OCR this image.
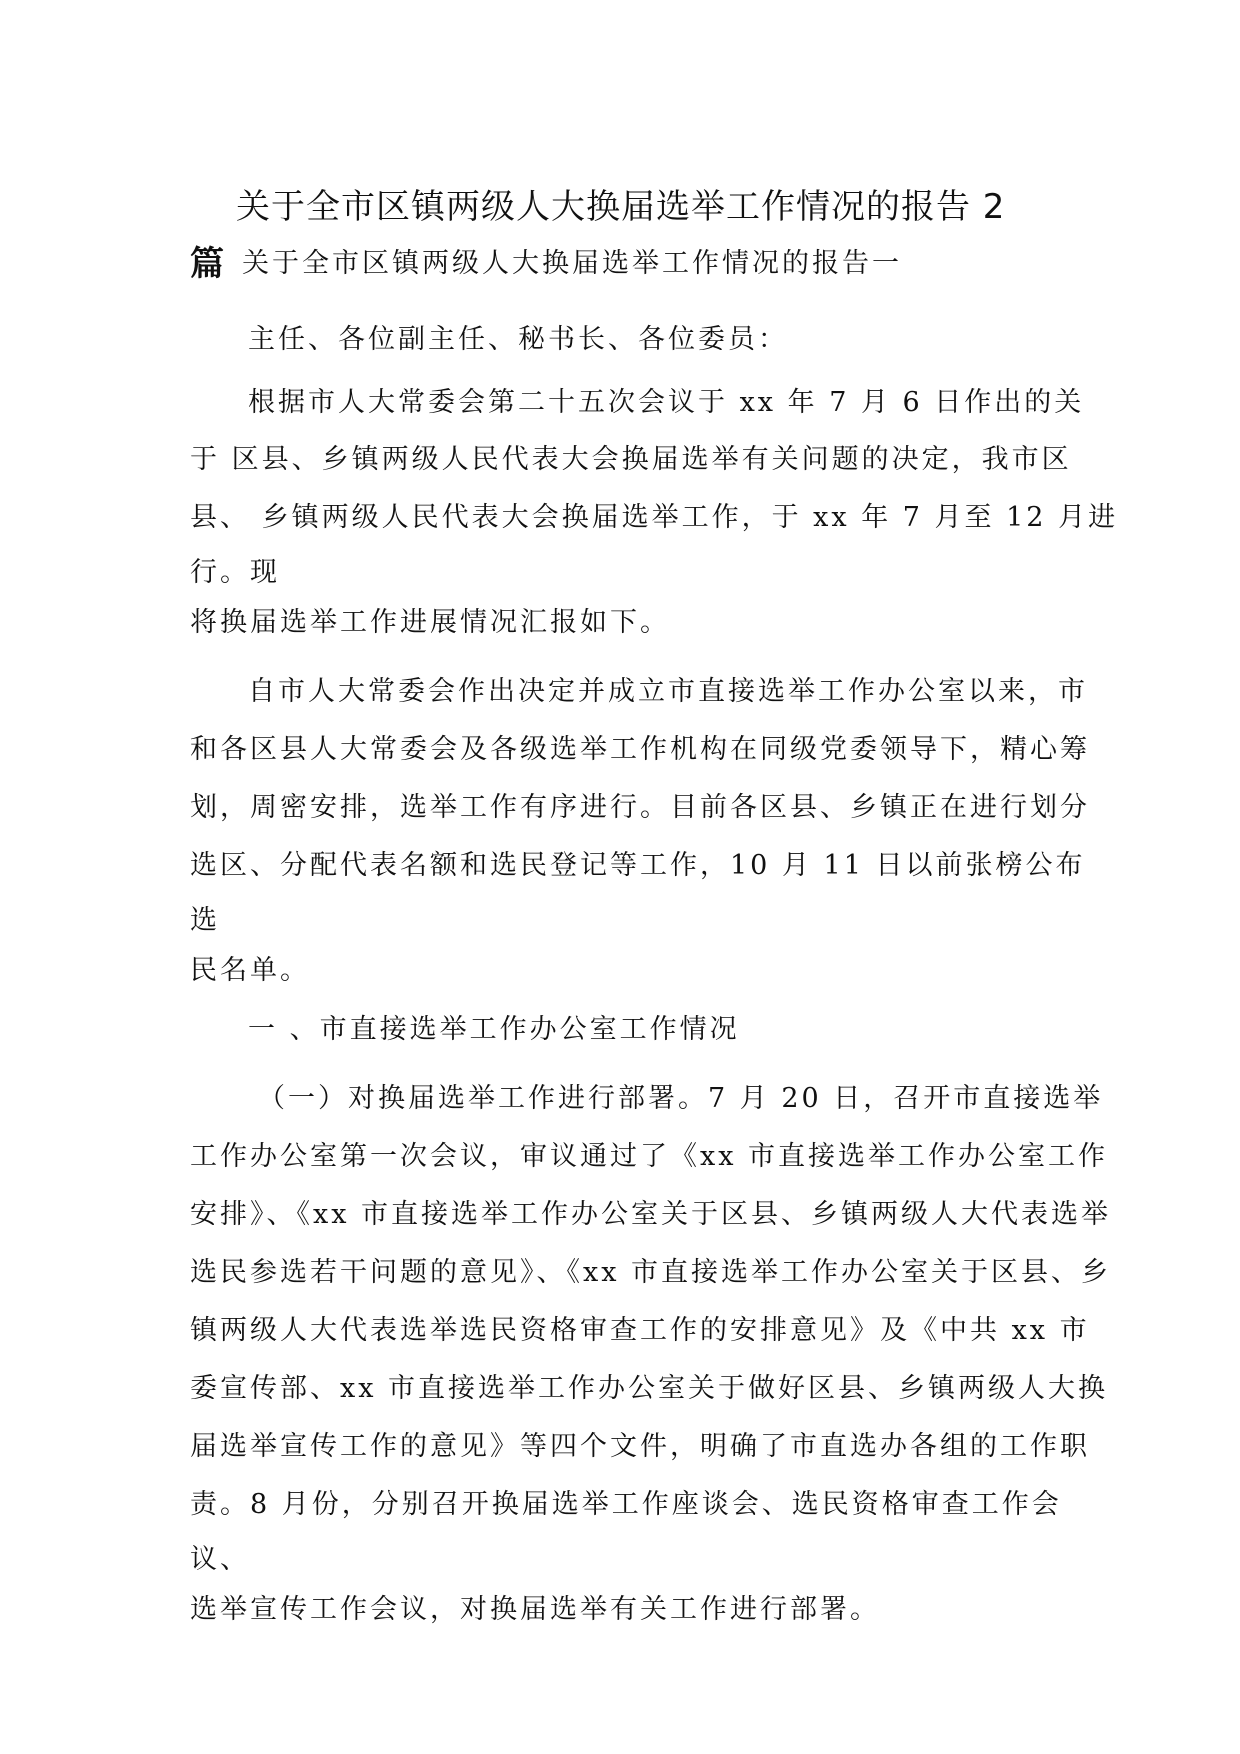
关于全市区镇两级人大换届选举工作情况的报告 2
篇 关于全市区镇两级人大换届选举工作情况的报告一
主任、各位副主任、秘书长、各位委员：
根据市人大常委会第二十五次会议于 xx 年 7 月 6 日作出的关
于 区县、乡镇两级人民代表大会换届选举有关问题的决定，我市区
县、 乡镇两级人民代表大会换届选举工作，于 xx 年 7 月至 12 月进
行。现
将换届选举工作进展情况汇报如下。
自市人大常委会作出决定并成立市直接选举工作办公室以来，市
和各区县人大常委会及各级选举工作机构在同级党委领导下，精心筹
划，周密安排，选举工作有序进行。目前各区县、乡镇正在进行划分
选区、分配代表名额和选民登记等工作，10 月 11 日以前张榜公布
选
民名单。
一 、市直接选举工作办公室工作情况
（一）对换届选举工作进行部署。7 月 20 日，召开市直接选举
工作办公室第一次会议，审议通过了《xx 市直接选举工作办公室工作
安排》、《xx 市直接选举工作办公室关于区县、乡镇两级人大代表选举
选民参选若干问题的意见》、《xx 市直接选举工作办公室关于区县、乡
镇两级人大代表选举选民资格审查工作的安排意见》及《中共 xx 市
委宣传部、xx 市直接选举工作办公室关于做好区县、乡镇两级人大换
届选举宣传工作的意见》等四个文件，明确了市直选办各组的工作职
责。8 月份，分别召开换届选举工作座谈会、选民资格审查工作会
议、
选举宣传工作会议，对换届选举有关工作进行部署。
